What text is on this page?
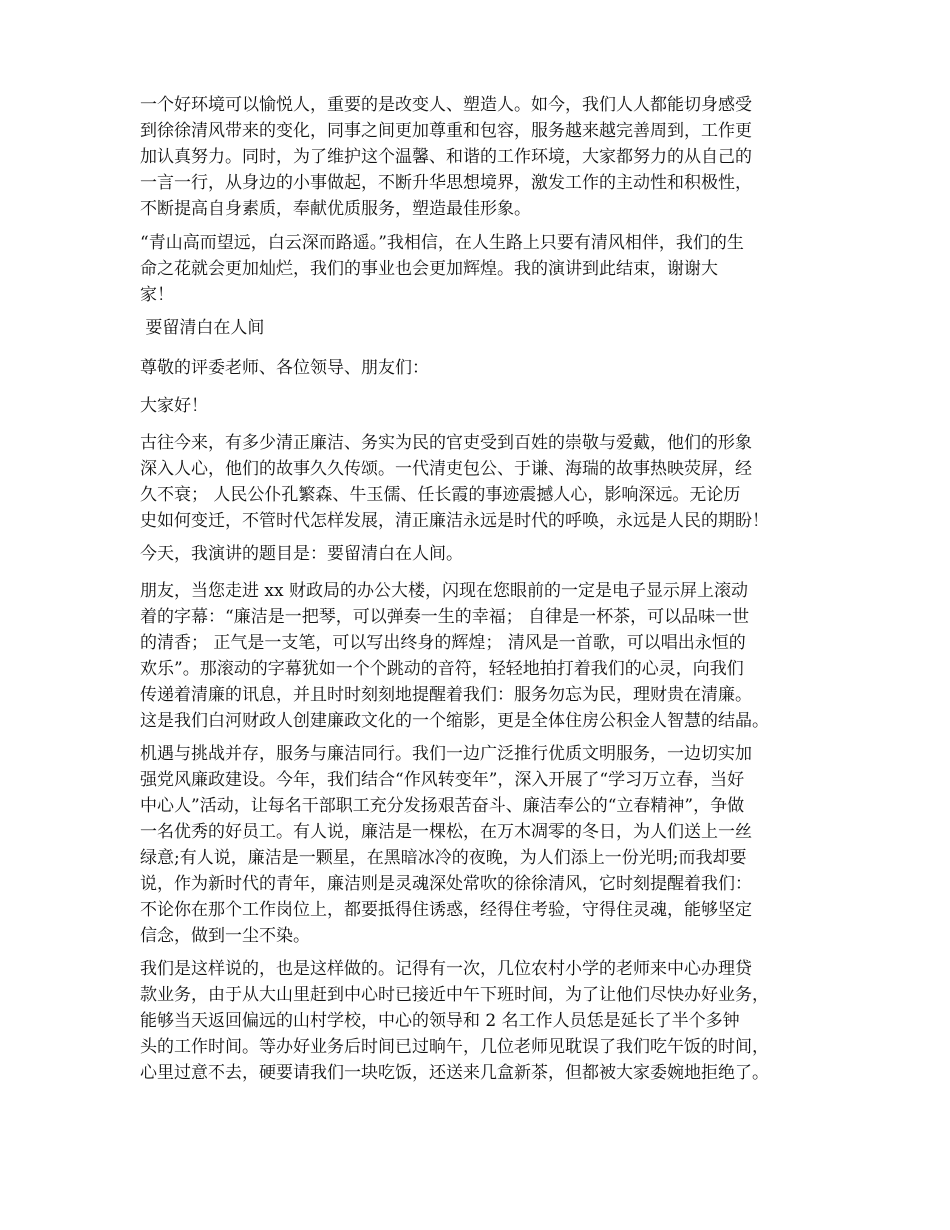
一个好环境可以愉悦人，重要的是改变人、塑造人。如今，我们人人都能切身感受
到徐徐清风带来的变化，同事之间更加尊重和包容，服务越来越完善周到，工作更
加认真努力。同时，为了维护这个温馨、和谐的工作环境，大家都努力的从自己的
一言一行，从身边的小事做起，不断升华思想境界，激发工作的主动性和积极性，
不断提高自身素质，奉献优质服务，塑造最佳形象。
“青山高而望远，白云深而路遥。”我相信，在人生路上只要有清风相伴，我们的生
命之花就会更加灿烂，我们的事业也会更加辉煌。我的演讲到此结束，谢谢大
家！
要留清白在人间
尊敬的评委老师、各位领导、朋友们：
大家好！
古往今来，有多少清正廉洁、务实为民的官吏受到百姓的崇敬与爱戴，他们的形象
深入人心，他们的故事久久传颂。一代清吏包公、于谦、海瑞的故事热映荧屏，经
久不衰； 人民公仆孔繁森、牛玉儒、任长霞的事迹震撼人心，影响深远。无论历
史如何变迁，不管时代怎样发展，清正廉洁永远是时代的呼唤，永远是人民的期盼！
今天，我演讲的题目是：要留清白在人间。
朋友，当您走进 xx 财政局的办公大楼，闪现在您眼前的一定是电子显示屏上滚动
着的字幕：“廉洁是一把琴，可以弹奏一生的幸福； 自律是一杯茶，可以品味一世
的清香； 正气是一支笔，可以写出终身的辉煌； 清风是一首歌，可以唱出永恒的
欢乐”。那滚动的字幕犹如一个个跳动的音符，轻轻地拍打着我们的心灵，向我们
传递着清廉的讯息，并且时时刻刻地提醒着我们：服务勿忘为民，理财贵在清廉。
这是我们白河财政人创建廉政文化的一个缩影，更是全体住房公积金人智慧的结晶。
机遇与挑战并存，服务与廉洁同行。我们一边广泛推行优质文明服务，一边切实加
强党风廉政建设。今年，我们结合“作风转变年”，深入开展了“学习万立春，当好
中心人”活动，让每名干部职工充分发扬艰苦奋斗、廉洁奉公的“立春精神”，争做
一名优秀的好员工。有人说，廉洁是一棵松，在万木凋零的冬日，为人们送上一丝
绿意;有人说，廉洁是一颗星，在黑暗冰冷的夜晚，为人们添上一份光明;而我却要
说，作为新时代的青年，廉洁则是灵魂深处常吹的徐徐清风，它时刻提醒着我们：
不论你在那个工作岗位上，都要抵得住诱惑，经得住考验，守得住灵魂，能够坚定
信念，做到一尘不染。
我们是这样说的，也是这样做的。记得有一次，几位农村小学的老师来中心办理贷
款业务，由于从大山里赶到中心时已接近中午下班时间，为了让他们尽快办好业务，
能够当天返回偏远的山村学校，中心的领导和 2 名工作人员恁是延长了半个多钟
头的工作时间。等办好业务后时间已过晌午，几位老师见耽误了我们吃午饭的时间，
心里过意不去，硬要请我们一块吃饭，还送来几盒新茶，但都被大家委婉地拒绝了。
